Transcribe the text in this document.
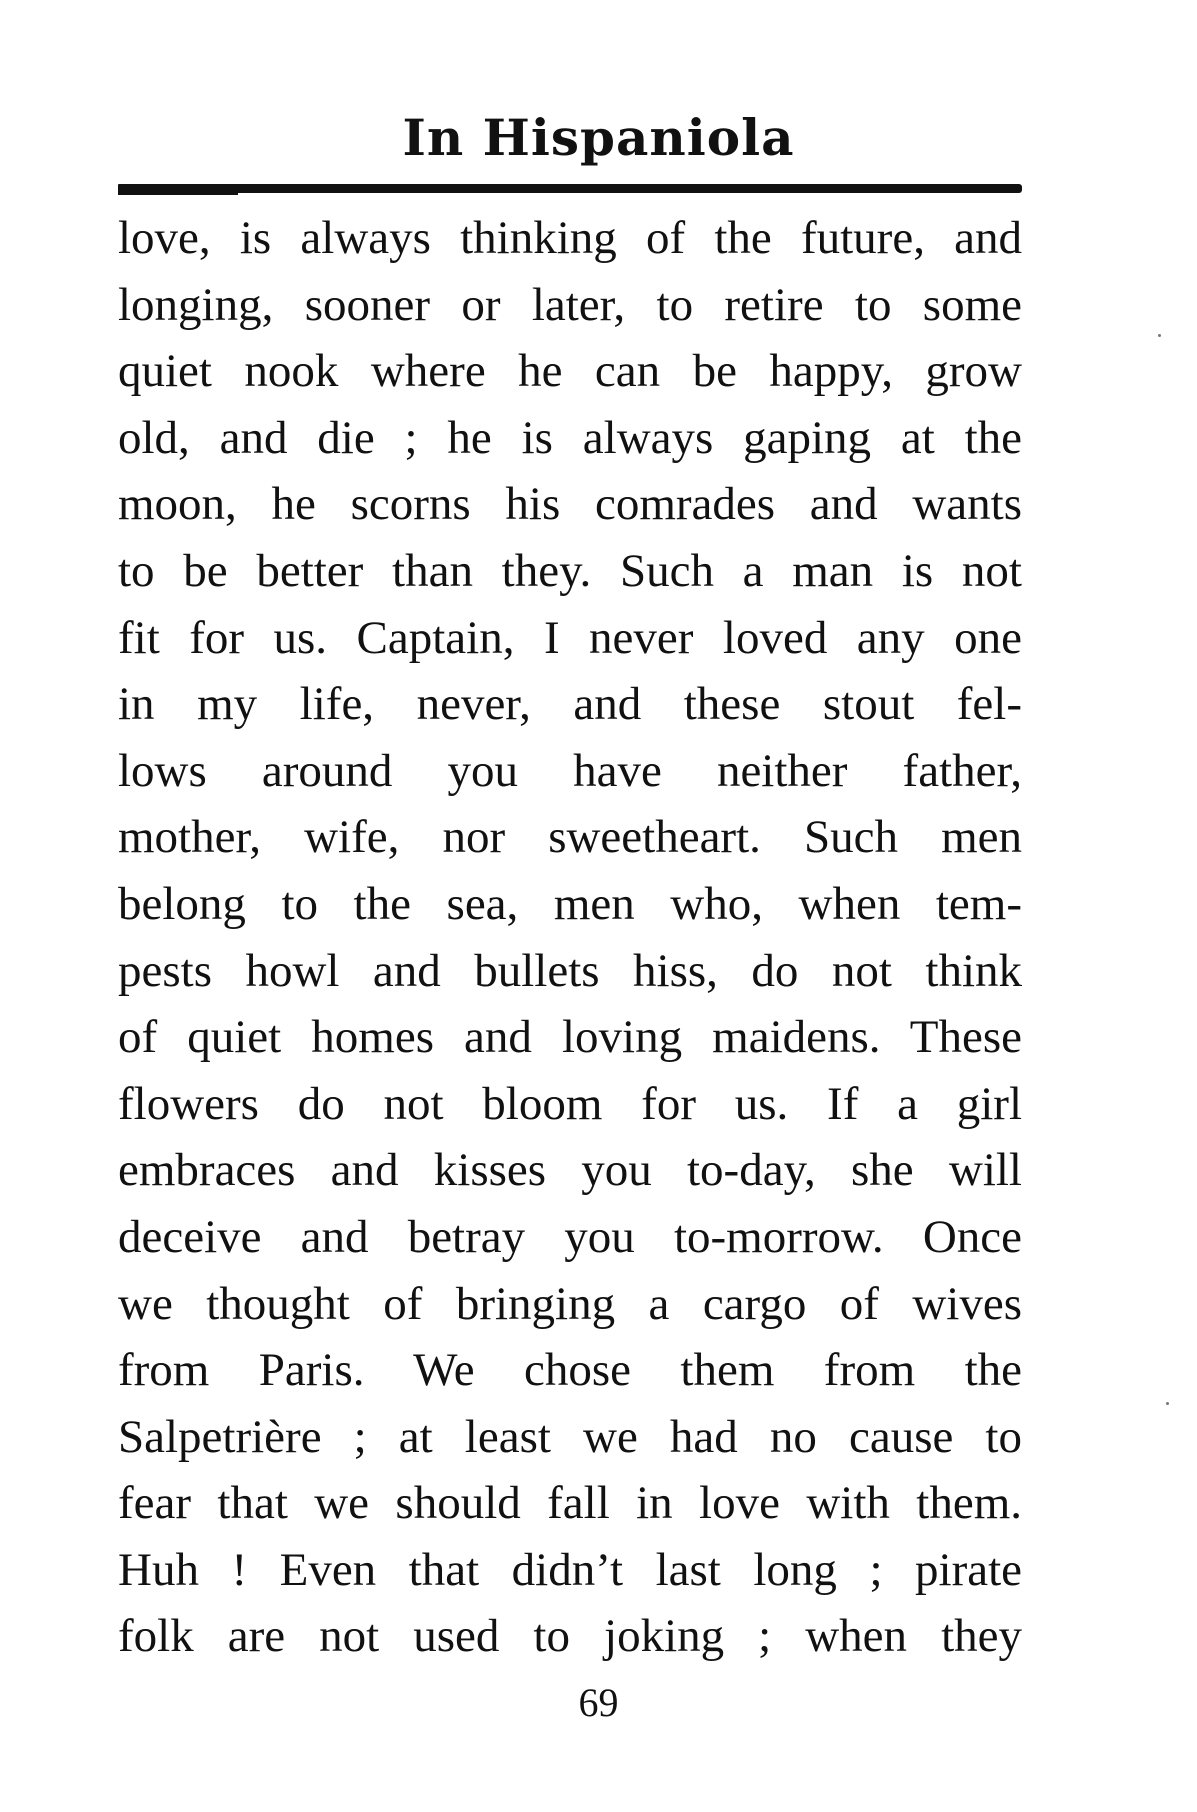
In Hispaniola
love, is always thinking of the future, and
longing, sooner or later, to retire to some
quiet nook where he can be happy, grow
old, and die ; he is always gaping at the
moon, he scorns his comrades and wants
to be better than they. Such a man is not
fit for us. Captain, I never loved any one
in my life, never, and these stout fel-
lows around you have neither father,
mother, wife, nor sweetheart. Such men
belong to the sea, men who, when tem-
pests howl and bullets hiss, do not think
of quiet homes and loving maidens. These
flowers do not bloom for us. If a girl
embraces and kisses you to-day, she will
deceive and betray you to-morrow. Once
we thought of bringing a cargo of wives
from Paris. We chose them from the
Salpetrière ; at least we had no cause to
fear that we should fall in love with them.
Huh ! Even that didn’t last long ; pirate
folk are not used to joking ; when they
69
